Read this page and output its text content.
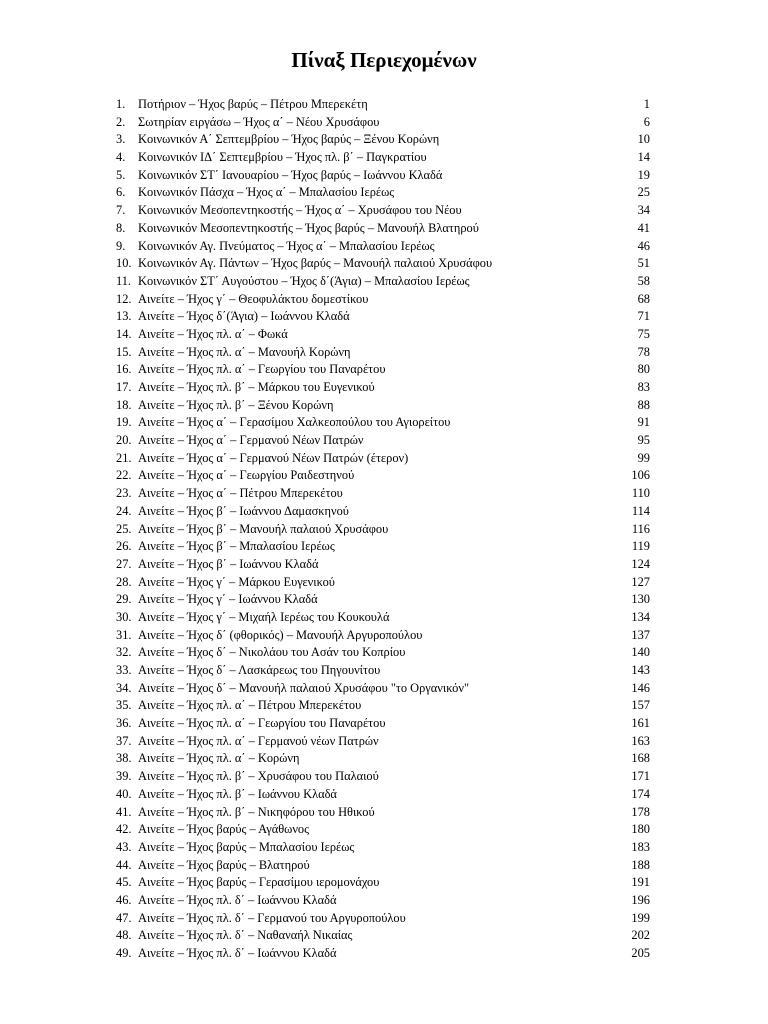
Πίναξ Περιεχομένων
1.	Ποτήριον – Ήχος βαρύς – Πέτρου Μπερεκέτη	1
2.	Σωτηρίαν ειργάσω – Ήχος α΄ – Νέου Χρυσάφου	6
3.	Κοινωνικόν Α΄ Σεπτεμβρίου – Ήχος βαρύς – Ξένου Κορώνη	10
4.	Κοινωνικόν ΙΔ΄ Σεπτεμβρίου – Ήχος πλ. β΄ – Παγκρατίου	14
5.	Κοινωνικόν ΣΤ΄ Ιανουαρίου – Ήχος βαρύς – Ιωάννου Κλαδά	19
6.	Κοινωνικόν Πάσχα – Ήχος α΄ – Μπαλασίου Ιερέως	25
7.	Κοινωνικόν Μεσοπεντηκοστής – Ήχος α΄ – Χρυσάφου του Νέου	34
8.	Κοινωνικόν Μεσοπεντηκοστής – Ήχος βαρύς – Μανουήλ Βλατηρού	41
9.	Κοινωνικόν Αγ. Πνεύματος – Ήχος α΄ – Μπαλασίου Ιερέως	46
10. Κοινωνικόν Αγ. Πάντων – Ήχος βαρύς – Μανουήλ παλαιού Χρυσάφου	51
11. Κοινωνικόν ΣΤ΄ Αυγούστου – Ήχος δ΄(Άγια) – Μπαλασίου Ιερέως	58
12. Αινείτε – Ήχος γ΄ – Θεοφυλάκτου δομεστίκου	68
13. Αινείτε – Ήχος δ΄(Άγια) – Ιωάννου Κλαδά	71
14. Αινείτε – Ήχος πλ. α΄ – Φωκά	75
15. Αινείτε – Ήχος πλ. α΄ – Μανουήλ Κορώνη	78
16. Αινείτε – Ήχος πλ. α΄ – Γεωργίου του Παναρέτου	80
17. Αινείτε – Ήχος πλ. β΄ – Μάρκου του Ευγενικού	83
18. Αινείτε – Ήχος πλ. β΄ – Ξένου Κορώνη	88
19. Αινείτε – Ήχος α΄ – Γερασίμου Χαλκεοπούλου του Αγιορείτου	91
20. Αινείτε – Ήχος α΄ – Γερμανού Νέων Πατρών	95
21. Αινείτε – Ήχος α΄ – Γερμανού Νέων Πατρών (έτερον)	99
22. Αινείτε – Ήχος α΄ – Γεωργίου Ραιδεστηνού	106
23. Αινείτε – Ήχος α΄ – Πέτρου Μπερεκέτου	110
24. Αινείτε – Ήχος β΄ – Ιωάννου Δαμασκηνού	114
25. Αινείτε – Ήχος β΄ – Μανουήλ παλαιού Χρυσάφου	116
26. Αινείτε – Ήχος β΄ – Μπαλασίου Ιερέως	119
27. Αινείτε – Ήχος β΄ – Ιωάννου Κλαδά	124
28. Αινείτε – Ήχος γ΄ – Μάρκου Ευγενικού	127
29. Αινείτε – Ήχος γ΄ – Ιωάννου Κλαδά	130
30. Αινείτε – Ήχος γ΄ – Μιχαήλ Ιερέως του Κουκουλά	134
31. Αινείτε – Ήχος δ΄ (φθορικός) – Μανουήλ Αργυροπούλου	137
32. Αινείτε – Ήχος δ΄ – Νικολάου του Ασάν του Κοπρίου	140
33. Αινείτε – Ήχος δ΄ – Λασκάρεως του Πηγουνίτου	143
34. Αινείτε – Ήχος δ΄ – Μανουήλ παλαιού Χρυσάφου "το Οργανικόν"	146
35. Αινείτε – Ήχος πλ. α΄ – Πέτρου Μπερεκέτου	157
36. Αινείτε – Ήχος πλ. α΄ – Γεωργίου του Παναρέτου	161
37. Αινείτε – Ήχος πλ. α΄ – Γερμανού νέων Πατρών	163
38. Αινείτε – Ήχος πλ. α΄ – Κορώνη	168
39. Αινείτε – Ήχος πλ. β΄ – Χρυσάφου του Παλαιού	171
40. Αινείτε – Ήχος πλ. β΄ – Ιωάννου Κλαδά	174
41. Αινείτε – Ήχος πλ. β΄ – Νικηφόρου του Ηθικού	178
42. Αινείτε – Ήχος βαρύς – Αγάθωνος	180
43. Αινείτε – Ήχος βαρύς – Μπαλασίου Ιερέως	183
44. Αινείτε – Ήχος βαρύς – Βλατηρού	188
45. Αινείτε – Ήχος βαρύς – Γερασίμου ιερομονάχου	191
46. Αινείτε – Ήχος πλ. δ΄ – Ιωάννου Κλαδά	196
47. Αινείτε – Ήχος πλ. δ΄ – Γερμανού του Αργυροπούλου	199
48. Αινείτε – Ήχος πλ. δ΄ – Ναθαναήλ Νικαίας	202
49. Αινείτε – Ήχος πλ. δ΄ – Ιωάννου Κλαδά	205
